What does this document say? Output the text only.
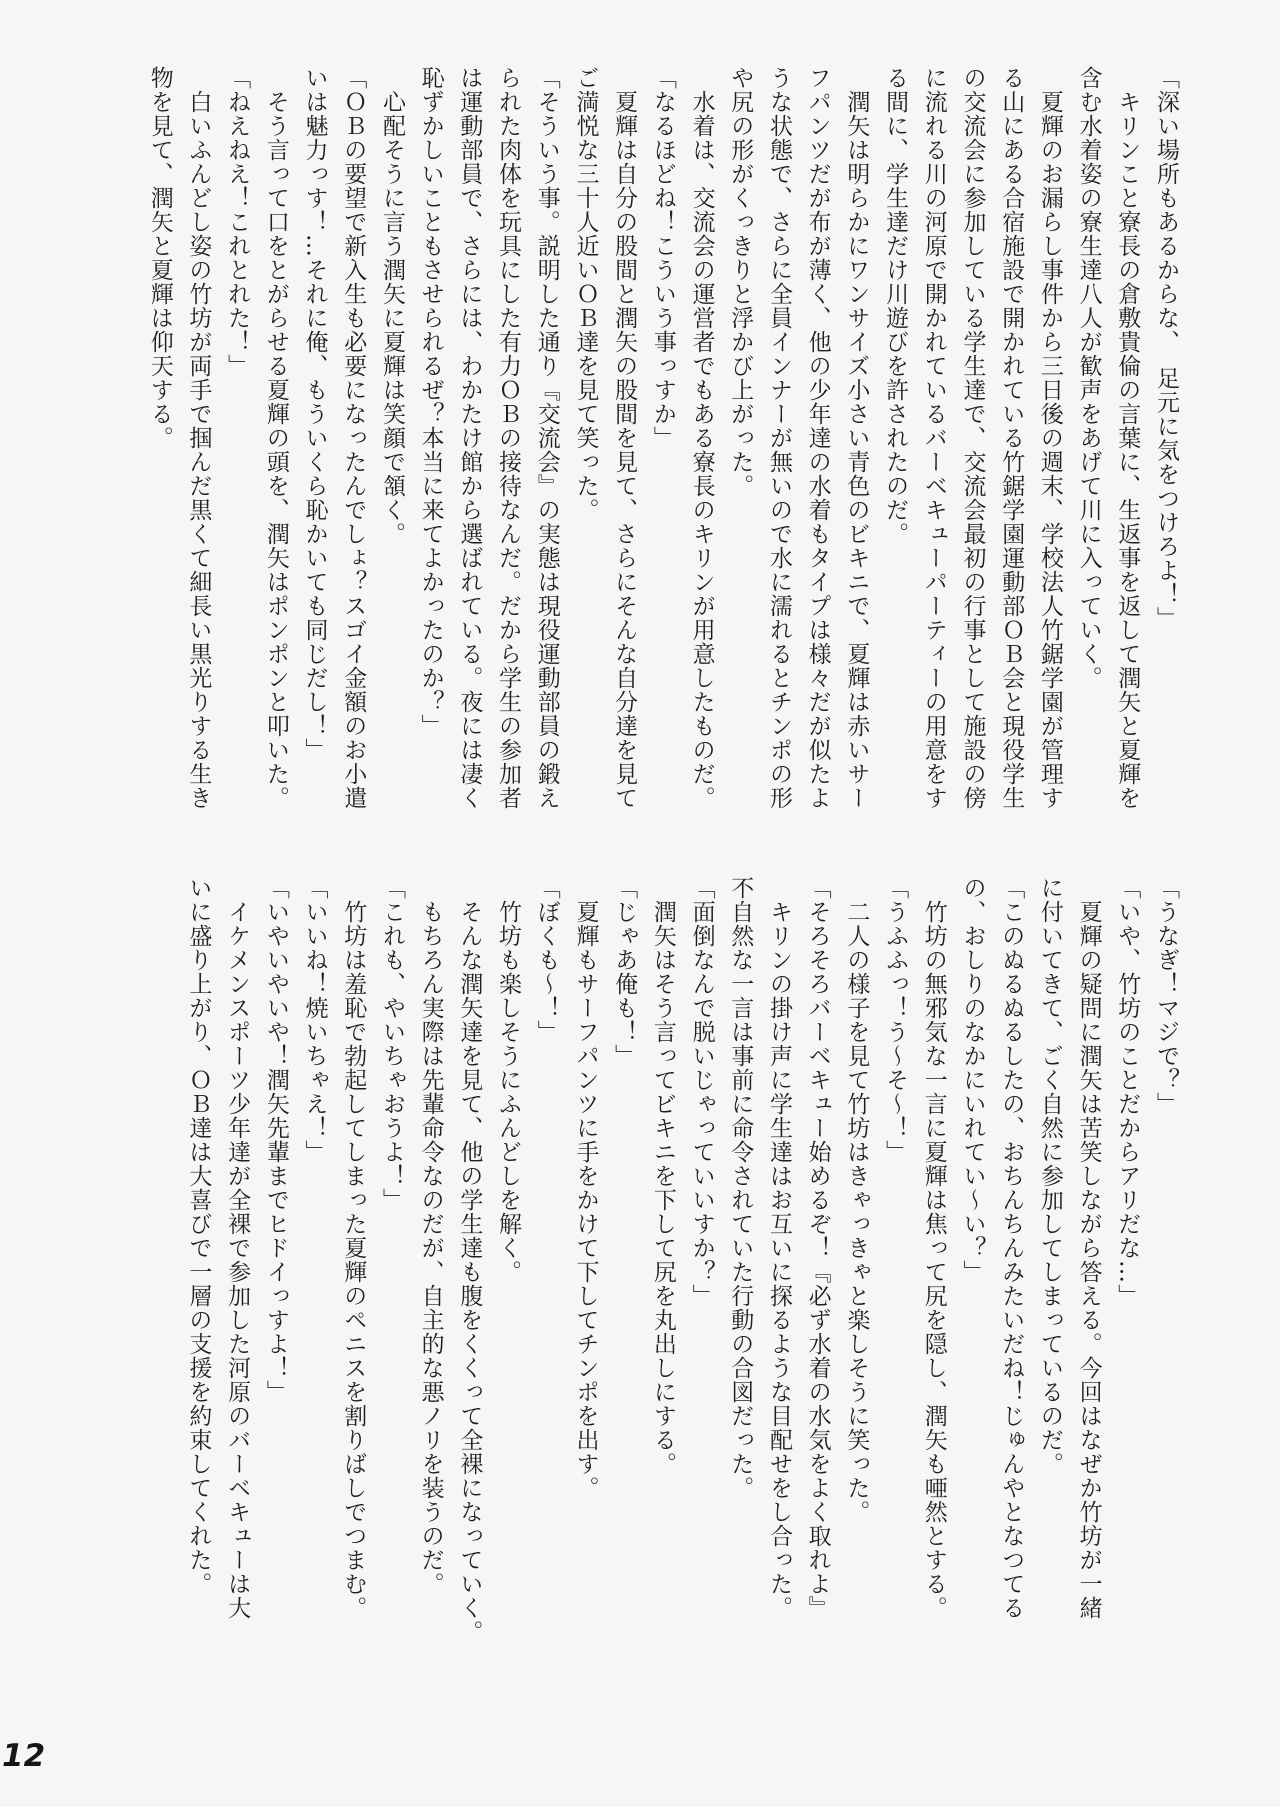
「深い場所もあるからな、　足元に気をつけろよ！」
　キリンこと寮長の倉敷貴倫の言葉に、生返事を返して潤矢と夏輝を
含む水着姿の寮生達八人が歓声をあげて川に入っていく。
　夏輝のお漏らし事件から三日後の週末、学校法人竹鋸学園が管理す
る山にある合宿施設で開かれている竹鋸学園運動部ＯＢ会と現役学生
の交流会に参加している学生達で、交流会最初の行事として施設の傍
に流れる川の河原で開かれているバーベキューパーティーの用意をす
る間に、学生達だけ川遊びを許されたのだ。
　潤矢は明らかにワンサイズ小さい青色のビキニで、夏輝は赤いサー
フパンツだが布が薄く、他の少年達の水着もタイプは様々だが似たよ
うな状態で、さらに全員インナーが無いので水に濡れるとチンポの形
や尻の形がくっきりと浮かび上がった。
　水着は、交流会の運営者でもある寮長のキリンが用意したものだ。
「なるほどね！こういう事っすか」
　夏輝は自分の股間と潤矢の股間を見て、さらにそんな自分達を見て
ご満悦な三十人近いＯＢ達を見て笑った。
「そういう事。説明した通り『交流会』の実態は現役運動部員の鍛え
られた肉体を玩具にした有力ＯＢの接待なんだ。だから学生の参加者
は運動部員で、さらには、わかたけ館から選ばれている。夜には凄く
恥ずかしいこともさせられるぜ？本当に来てよかったのか？」
　心配そうに言う潤矢に夏輝は笑顔で頷く。
「ＯＢの要望で新入生も必要になったんでしょ？スゴイ金額のお小遣
いは魅力っす！…それに俺、もういくら恥かいても同じだし！」
　そう言って口をとがらせる夏輝の頭を、潤矢はポンポンと叩いた。
「ねえねえ！これとれた！」
　白いふんどし姿の竹坊が両手で掴んだ黒くて細長い黒光りする生き
物を見て、潤矢と夏輝は仰天する。
「うなぎ！マジで？」
「いや、竹坊のことだからアリだな…」
　夏輝の疑問に潤矢は苦笑しながら答える。今回はなぜか竹坊が一緒
に付いてきて、ごく自然に参加してしまっているのだ。
「このぬるぬるしたの、おちんちんみたいだね！じゅんやとなつてる
の、おしりのなかにいれてい〜い？」
　竹坊の無邪気な一言に夏輝は焦って尻を隠し、潤矢も唖然とする。
「うふふっ！う〜そ〜！」
　二人の様子を見て竹坊はきゃっきゃと楽しそうに笑った。
「そろそろバーベキュー始めるぞ！『必ず水着の水気をよく取れよ』
　キリンの掛け声に学生達はお互いに探るような目配せをし合った。
不自然な一言は事前に命令されていた行動の合図だった。
「面倒なんで脱いじゃっていいすか？」
　潤矢はそう言ってビキニを下して尻を丸出しにする。
「じゃあ俺も！」
　夏輝もサーフパンツに手をかけて下してチンポを出す。
「ぼくも〜！」
　竹坊も楽しそうにふんどしを解く。
　そんな潤矢達を見て、他の学生達も腹をくくって全裸になっていく。
　もちろん実際は先輩命令なのだが、自主的な悪ノリを装うのだ。
「これも、やいちゃおうよ！」
　竹坊は羞恥で勃起してしまった夏輝のペニスを割りばしでつまむ。
「いいね！焼いちゃえ！」
「いやいやいや！潤矢先輩までヒドイっすよ！」
　イケメンスポーツ少年達が全裸で参加した河原のバーベキューは大
いに盛り上がり、ＯＢ達は大喜びで一層の支援を約束してくれた。
12
